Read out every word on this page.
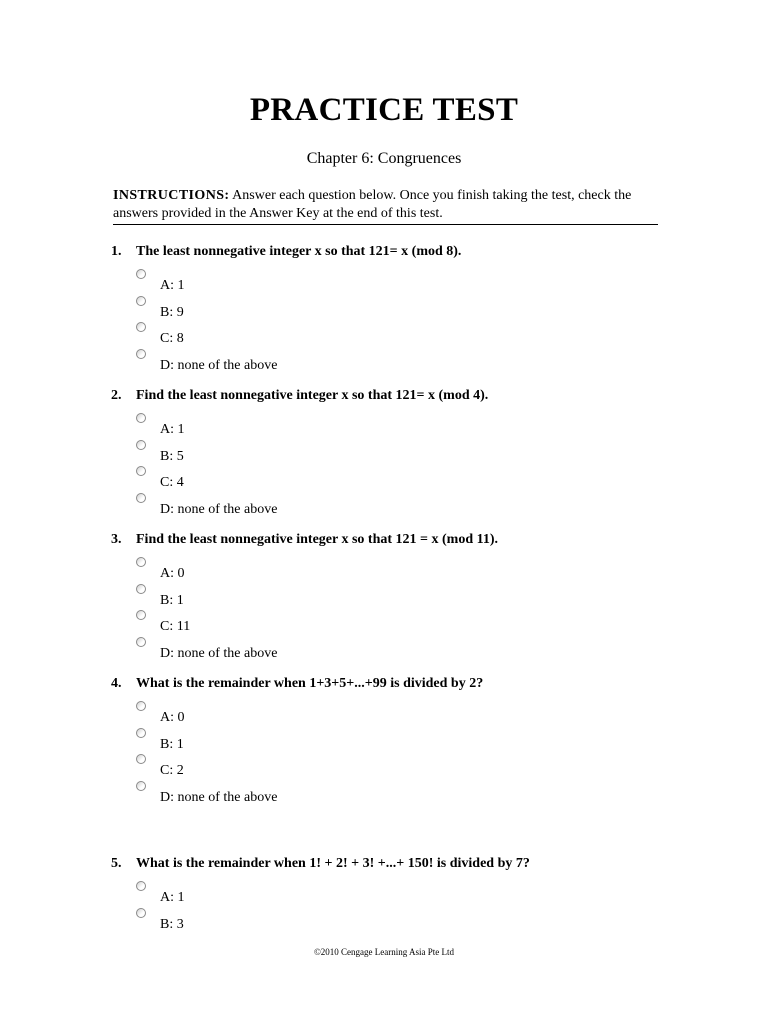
PRACTICE TEST
Chapter 6: Congruences
INSTRUCTIONS: Answer each question below. Once you finish taking the test, check the answers provided in the Answer Key at the end of this test.
1. The least nonnegative integer x so that 121= x (mod 8).
A: 1
B: 9
C: 8
D: none of the above
2. Find the least nonnegative integer x so that 121= x (mod 4).
A: 1
B: 5
C: 4
D: none of the above
3. Find the least nonnegative integer x so that 121 = x (mod 11).
A: 0
B: 1
C: 11
D: none of the above
4. What is the remainder when 1+3+5+...+99 is divided by 2?
A: 0
B: 1
C: 2
D: none of the above
5. What is the remainder when 1! + 2! + 3! +...+ 150! is divided by 7?
A: 1
B: 3
©2010 Cengage Learning Asia Pte Ltd
